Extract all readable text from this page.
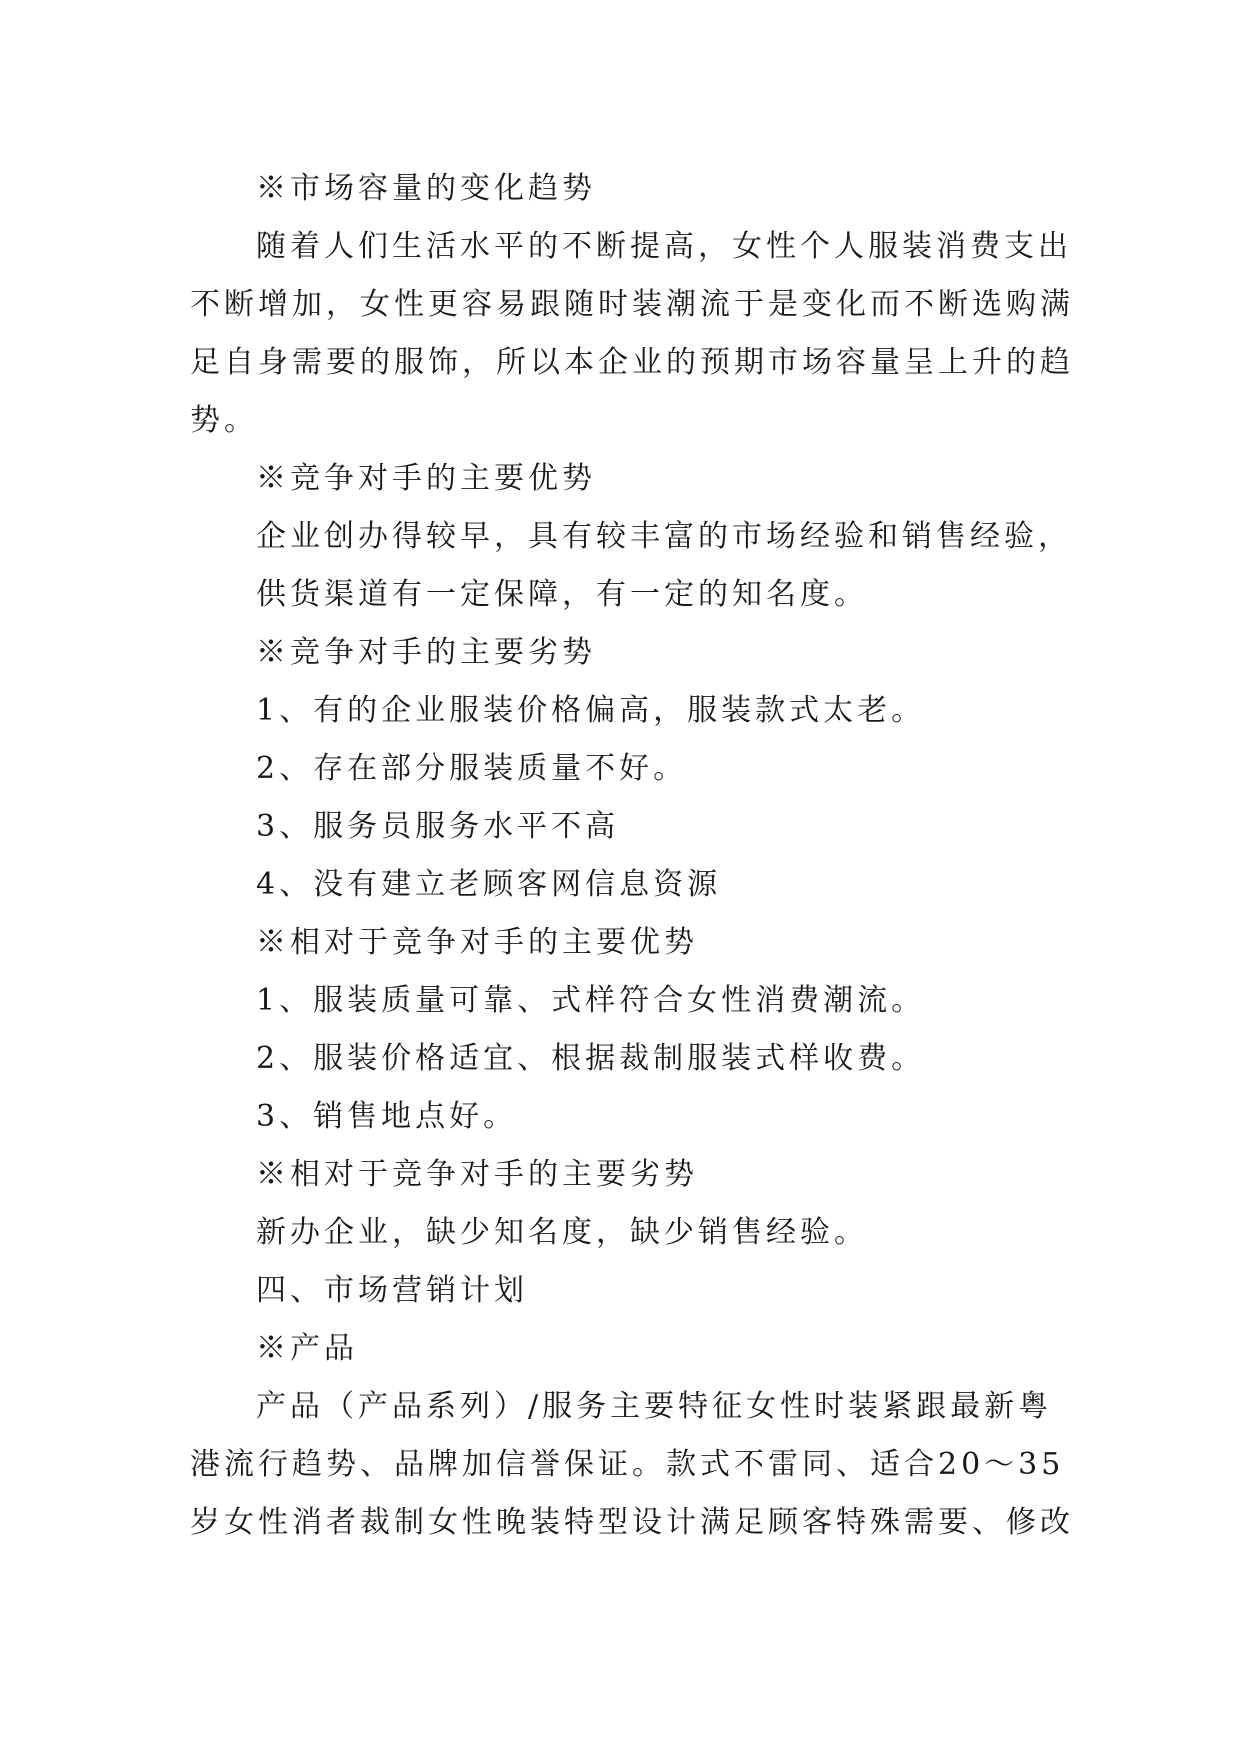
※市场容量的变化趋势
随着人们生活水平的不断提高，女性个人服装消费支出
不断增加，女性更容易跟随时装潮流于是变化而不断选购满
足自身需要的服饰，所以本企业的预期市场容量呈上升的趋
势。
※竞争对手的主要优势
企业创办得较早，具有较丰富的市场经验和销售经验，
供货渠道有一定保障，有一定的知名度。
※竞争对手的主要劣势
1、有的企业服装价格偏高，服装款式太老。
2、存在部分服装质量不好。
3、服务员服务水平不高
4、没有建立老顾客网信息资源
※相对于竞争对手的主要优势
1、服装质量可靠、式样符合女性消费潮流。
2、服装价格适宜、根据裁制服装式样收费。
3、销售地点好。
※相对于竞争对手的主要劣势
新办企业，缺少知名度，缺少销售经验。
四、市场营销计划
※产品
产品（产品系列）/服务主要特征女性时装紧跟最新粤
港流行趋势、品牌加信誉保证。款式不雷同、适合20～35
岁女性消者裁制女性晚装特型设计满足顾客特殊需要、修改
